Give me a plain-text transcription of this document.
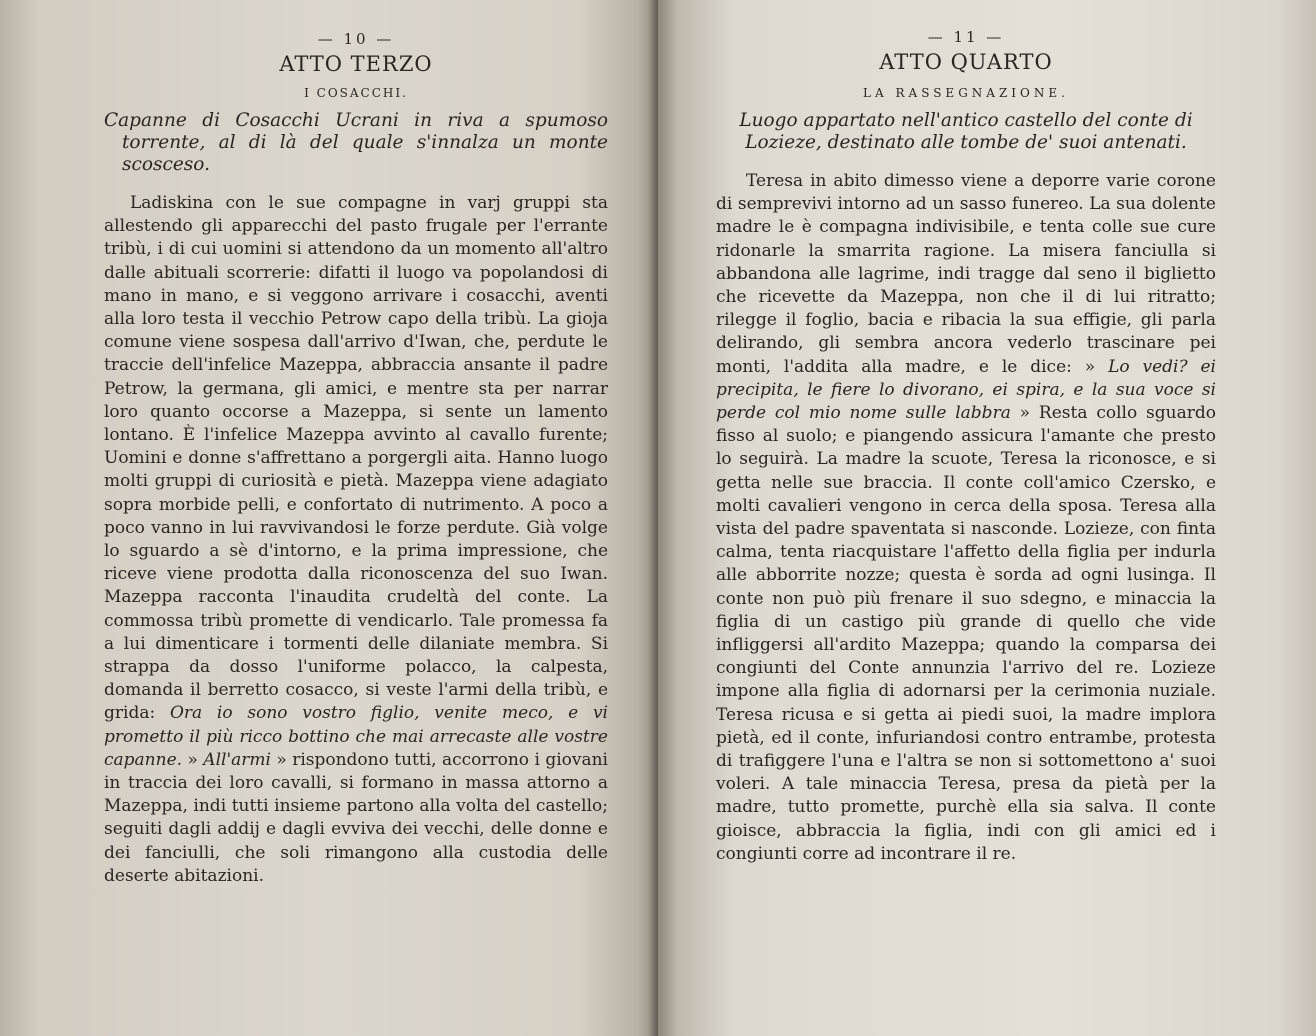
— 10 —
ATTO TERZO
I COSACCHI.

Capanne di Cosacchi Ucrani in riva a spumoso torrente, al di là del quale s'innalza un monte scosceso.

Ladiskina con le sue compagne in varj gruppi sta allestendo gli apparecchi del pasto frugale per l'errante tribù, i di cui uomini si attendono da un momento all'altro dalle abituali scorrerie: difatti il luogo va popolandosi di mano in mano, e si veggono arrivare i cosacchi, aventi alla loro testa il vecchio Petrow capo della tribù. La gioja comune viene sospesa dall'arrivo d'Iwan, che, perdute le traccie dell'infelice Mazeppa, abbraccia ansante il padre Petrow, la germana, gli amici, e mentre sta per narrar loro quanto occorse a Mazeppa, si sente un lamento lontano. È l'infelice Mazeppa avvinto al cavallo furente; Uomini e donne s'affrettano a porgergli aita. Hanno luogo molti gruppi di curiosità e pietà. Mazeppa viene adagiato sopra morbide pelli, e confortato di nutrimento. A poco a poco vanno in lui ravvivandosi le forze perdute. Già volge lo sguardo a sè d'intorno, e la prima impressione, che riceve viene prodotta dalla riconoscenza del suo Iwan. Mazeppa racconta l'inaudita crudeltà del conte. La commossa tribù promette di vendicarlo. Tale promessa fa a lui dimenticare i tormenti delle dilaniate membra. Si strappa da dosso l'uniforme polacco, la calpesta, domanda il berretto cosacco, si veste l'armi della tribù, e grida: Ora io sono vostro figlio, venite meco, e vi prometto il più ricco bottino che mai arrecaste alle vostre capanne. » All'armi » rispondono tutti, accorrono i giovani in traccia dei loro cavalli, si formano in massa attorno a Mazeppa, indi tutti insieme partono alla volta del castello; seguiti dagli addij e dagli evviva dei vecchi, delle donne e dei fanciulli, che soli rimangono alla custodia delle deserte abitazioni.

— 11 —
ATTO QUARTO
LA RASSEGNAZIONE.

Luogo appartato nell'antico castello del conte di Lozieze, destinato alle tombe de' suoi antenati.

Teresa in abito dimesso viene a deporre varie corone di semprevivi intorno ad un sasso funereo. La sua dolente madre le è compagna indivisibile, e tenta colle sue cure ridonarle la smarrita ragione. La misera fanciulla si abbandona alle lagrime, indi tragge dal seno il biglietto che ricevette da Mazeppa, non che il di lui ritratto; rilegge il foglio, bacia e ribacia la sua effigie, gli parla delirando, gli sembra ancora vederlo trascinare pei monti, l'addita alla madre, e le dice: » Lo vedi? ei precipita, le fiere lo divorano, ei spira, e la sua voce si perde col mio nome sulle labbra » Resta collo sguardo fisso al suolo; e piangendo assicura l'amante che presto lo seguirà. La madre la scuote, Teresa la riconosce, e si getta nelle sue braccia. Il conte coll'amico Czersko, e molti cavalieri vengono in cerca della sposa. Teresa alla vista del padre spaventata si nasconde. Lozieze, con finta calma, tenta riacquistare l'affetto della figlia per indurla alle abborrite nozze; questa è sorda ad ogni lusinga. Il conte non può più frenare il suo sdegno, e minaccia la figlia di un castigo più grande di quello che vide infliggersi all'ardito Mazeppa; quando la comparsa dei congiunti del Conte annunzia l'arrivo del re. Lozieze impone alla figlia di adornarsi per la cerimonia nuziale. Teresa ricusa e si getta ai piedi suoi, la madre implora pietà, ed il conte, infuriandosi contro entrambe, protesta di trafiggere l'una e l'altra se non si sottomettono a' suoi voleri. A tale minaccia Teresa, presa da pietà per la madre, tutto promette, purchè ella sia salva. Il conte gioisce, abbraccia la figlia, indi con gli amici ed i congiunti corre ad incontrare il re.
